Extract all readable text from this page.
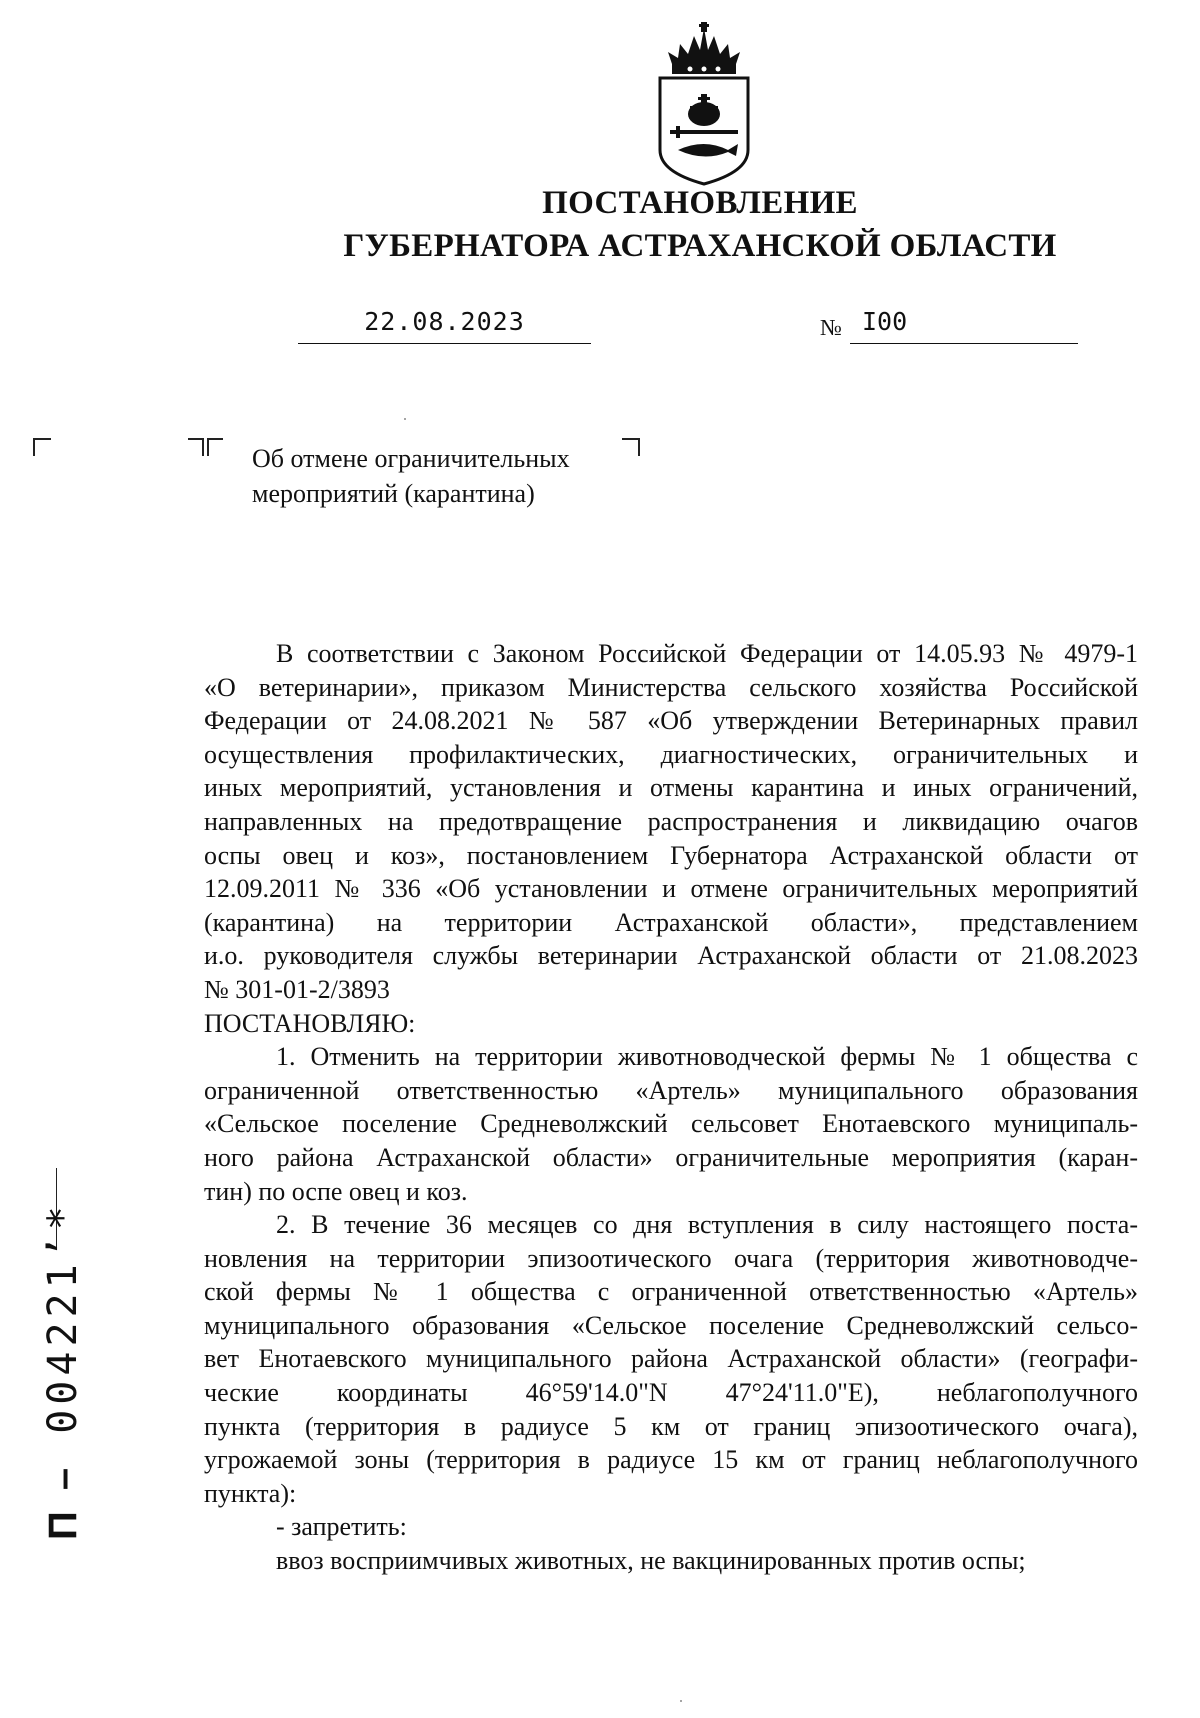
ПОСТАНОВЛЕНИЕ
ГУБЕРНАТОРА АСТРАХАНСКОЙ ОБЛАСТИ
22.08.2023	№ I00
Об отмене ограничительных
мероприятий (карантина)
В соответствии с Законом Российской Федерации от 14.05.93 № 4979-1
«О ветеринарии», приказом Министерства сельского хозяйства Российской
Федерации от 24.08.2021 № 587 «Об утверждении Ветеринарных правил
осуществления профилактических, диагностических, ограничительных и
иных мероприятий, установления и отмены карантина и иных ограничений,
направленных на предотвращение распространения и ликвидацию очагов
оспы овец и коз», постановлением Губернатора Астраханской области от
12.09.2011 № 336 «Об установлении и отмене ограничительных мероприятий
(карантина) на территории Астраханской области», представлением
и.о. руководителя службы ветеринарии Астраханской области от 21.08.2023
№ 301-01-2/3893
ПОСТАНОВЛЯЮ:
1. Отменить на территории животноводческой фермы № 1 общества с
ограниченной ответственностью «Артель» муниципального образования
«Сельское поселение Средневолжский сельсовет Енотаевского муниципаль-
ного района Астраханской области» ограничительные мероприятия (каран-
тин) по оспе овец и коз.
2. В течение 36 месяцев со дня вступления в силу настоящего поста-
новления на территории эпизоотического очага (территория животноводче-
ской фермы № 1 общества с ограниченной ответственностью «Артель»
муниципального образования «Сельское поселение Средневолжский сельсо-
вет Енотаевского муниципального района Астраханской области» (географи-
ческие координаты 46°59'14.0"N 47°24'11.0"E), неблагополучного
пункта (территория в радиусе 5 км от границ эпизоотического очага),
угрожаемой зоны (территория в радиусе 15 км от границ неблагополучного
пункта):
- запретить:
ввоз восприимчивых животных, не вакцинированных против оспы;
П – 004221’*
